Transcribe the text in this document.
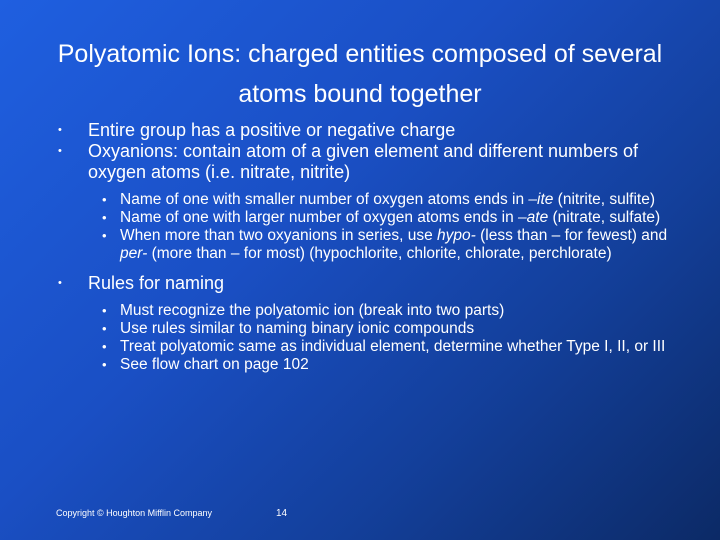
Polyatomic Ions: charged entities composed of several atoms bound together
• Entire group has a positive or negative charge
• Oxyanions: contain atom of a given element and different numbers of oxygen atoms (i.e. nitrate, nitrite)
• Name of one with smaller number of oxygen atoms ends in –ite (nitrite, sulfite)
• Name of one with larger number of oxygen atoms ends in –ate (nitrate, sulfate)
• When more than two oxyanions in series, use hypo- (less than – for fewest) and per- (more than – for most) (hypochlorite, chlorite, chlorate, perchlorate)
• Rules for naming
• Must recognize the polyatomic ion (break into two parts)
• Use rules similar to naming binary ionic compounds
• Treat polyatomic same as individual element, determine whether Type I, II, or III
• See flow chart on page 102
Copyright © Houghton Mifflin Company	14
